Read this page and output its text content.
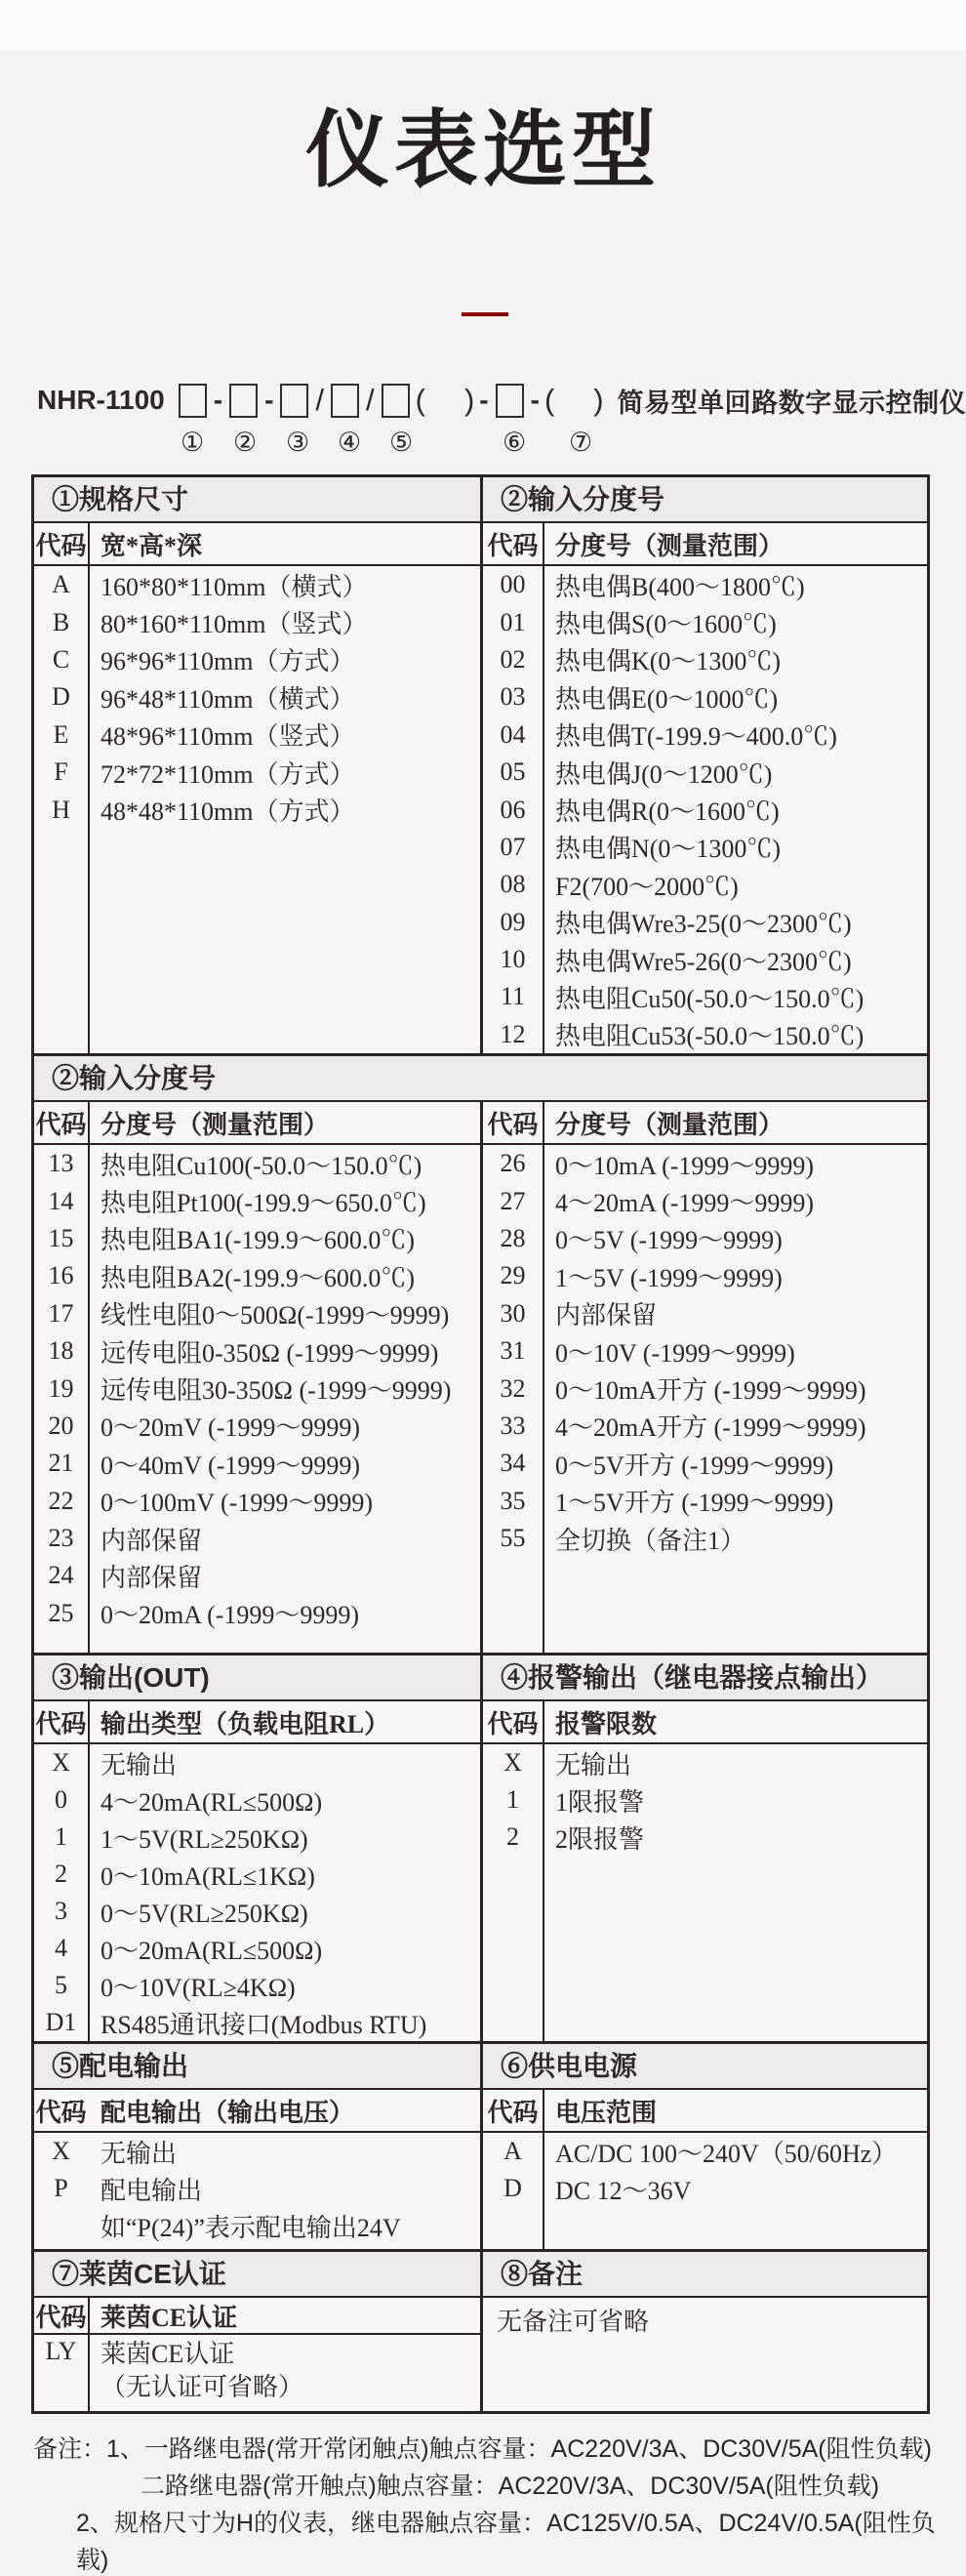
仪表选型
NHR-1100 - - / / ( ) - - ( ) 简易型单回路数字显示控制仪
① ② ③ ④ ⑤	⑥ ⑦
①规格尺寸	②输入分度号
代码 宽*高*深
A	160*80*110mm（横式）
B	80*160*110mm（竖式）
C	96*96*110mm（方式）
D	96*48*110mm（横式）
E	48*96*110mm（竖式）
F	72*72*110mm（方式）
H	48*48*110mm（方式）
代码 分度号（测量范围）
00	热电偶B(400～1800℃)
01	热电偶S(0～1600℃)
02	热电偶K(0～1300℃)
03	热电偶E(0～1000℃)
04	热电偶T(-199.9～400.0℃)
05	热电偶J(0～1200℃)
06	热电偶R(0～1600℃)
07	热电偶N(0～1300℃)
08	F2(700～2000℃)
09	热电偶Wre3-25(0～2300℃)
10	热电偶Wre5-26(0～2300℃)
11	热电阻Cu50(-50.0～150.0℃)
12	热电阻Cu53(-50.0～150.0℃)
②输入分度号
代码 分度号（测量范围）
13	热电阻Cu100(-50.0～150.0℃)
14	热电阻Pt100(-199.9～650.0℃)
15	热电阻BA1(-199.9～600.0℃)
16	热电阻BA2(-199.9～600.0℃)
17	线性电阻0～500Ω(-1999～9999)
18	远传电阻0-350Ω (-1999～9999)
19	远传电阻30-350Ω (-1999～9999)
20	0～20mV (-1999～9999)
21	0～40mV (-1999～9999)
22	0～100mV (-1999～9999)
23	内部保留
24	内部保留
25	0～20mA (-1999～9999)
代码 分度号（测量范围）
26	0～10mA (-1999～9999)
27	4～20mA (-1999～9999)
28	0～5V (-1999～9999)
29	1～5V (-1999～9999)
30	内部保留
31	0～10V (-1999～9999)
32	0～10mA开方 (-1999～9999)
33	4～20mA开方 (-1999～9999)
34	0～5V开方 (-1999～9999)
35	1～5V开方 (-1999～9999)
55	全切换（备注1）
③输出(OUT)	④报警输出（继电器接点输出）
代码 输出类型（负载电阻RL）
X	无输出
0	4～20mA(RL≤500Ω)
1	1～5V(RL≥250KΩ)
2	0～10mA(RL≤1KΩ)
3	0～5V(RL≥250KΩ)
4	0～20mA(RL≤500Ω)
5	0～10V(RL≥4KΩ)
D1 RS485通讯接口(Modbus RTU)
代码 报警限数
X	无输出
1	1限报警
2	2限报警
⑤配电输出	⑥供电电源
代码 配电输出（输出电压）
X	无输出
P	配电输出
如“P(24)”表示配电输出24V
代码 电压范围
A	AC/DC 100～240V（50/60Hz）
D	DC 12～36V
⑦莱茵CE认证	⑧备注
代码 莱茵CE认证
LY 莱茵CE认证
（无认证可省略）
无备注可省略
备注：1、一路继电器(常开常闭触点)触点容量：AC220V/3A、DC30V/5A(阻性负载)
二路继电器(常开触点)触点容量：AC220V/3A、DC30V/5A(阻性负载)
2、规格尺寸为H的仪表，继电器触点容量：AC125V/0.5A、DC24V/0.5A(阻性负载)
